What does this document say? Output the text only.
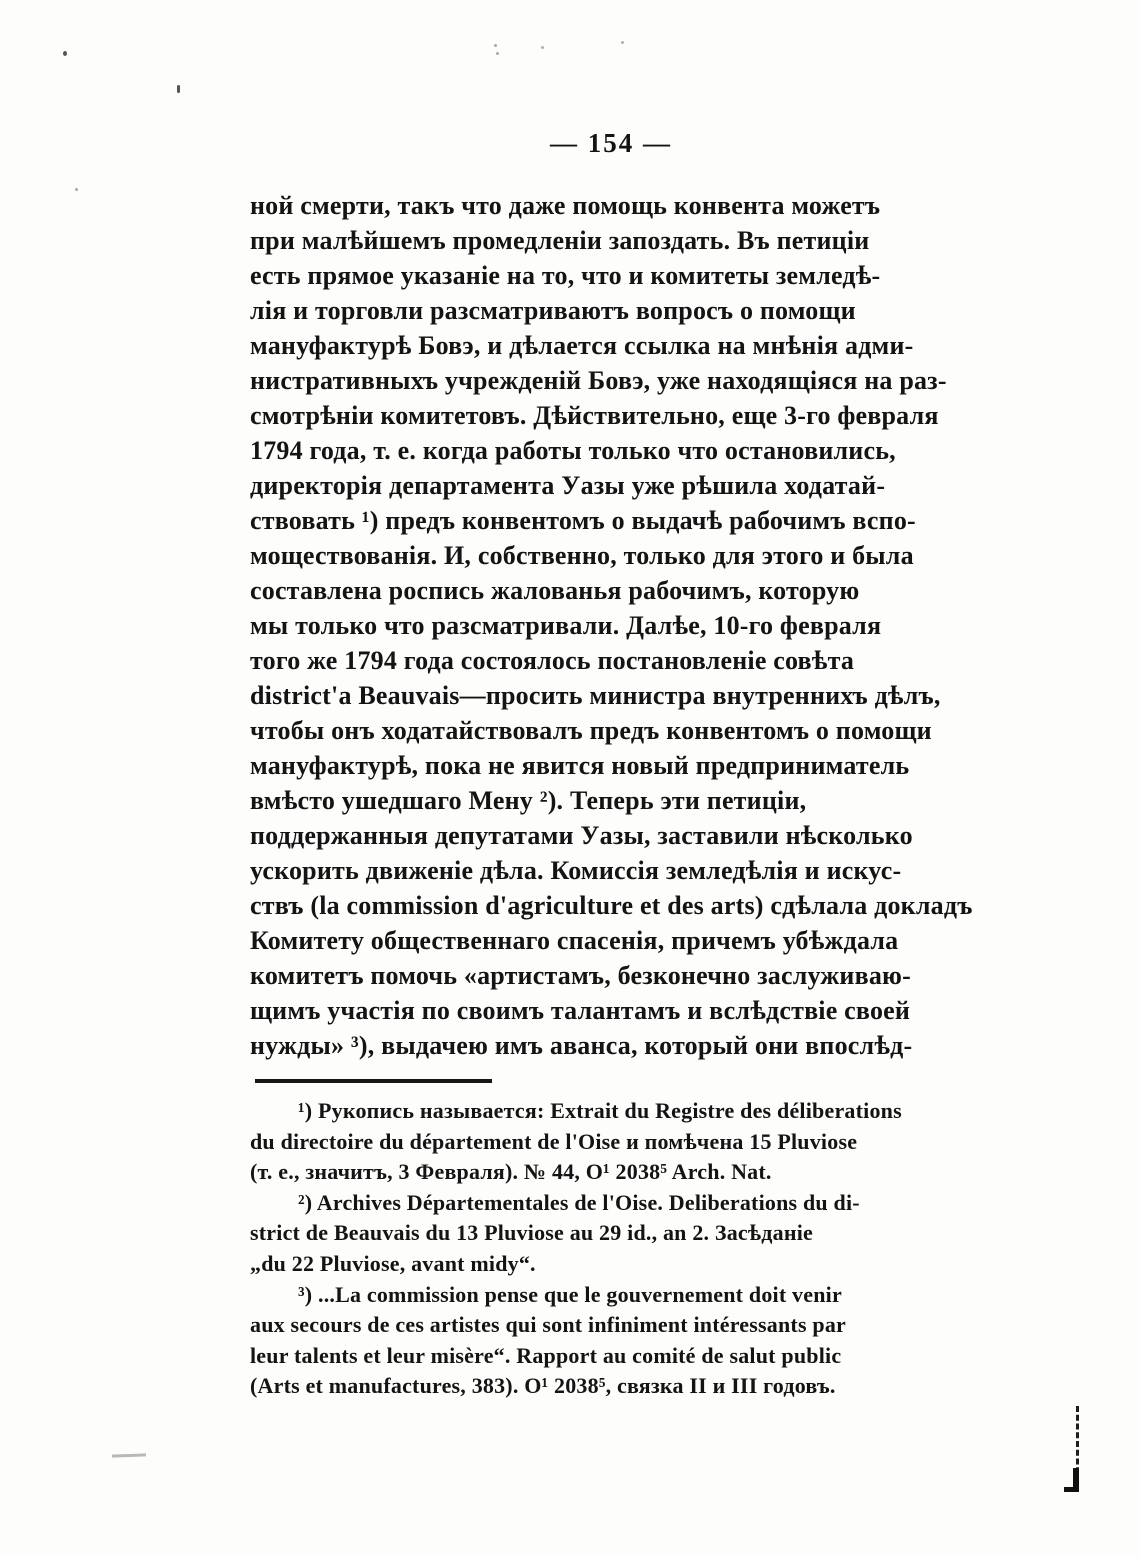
— 154 —
ной смерти, такъ что даже помощь конвента можетъ
при малѣйшемъ промедленіи запоздать. Въ петиціи
есть прямое указаніе на то, что и комитеты земледѣ-
лія и торговли разсматриваютъ вопросъ о помощи
мануфактурѣ Бовэ, и дѣлается ссылка на мнѣнія адми-
нистративныхъ учрежденій Бовэ, уже находящіяся на раз-
смотрѣніи комитетовъ. Дѣйствительно, еще 3-го февраля
1794 года, т. е. когда работы только что остановились,
директорія департамента Уазы уже рѣшила ходатай-
ствовать ¹) предъ конвентомъ о выдачѣ рабочимъ вспо-
моществованія. И, собственно, только для этого и была
составлена роспись жалованья рабочимъ, которую
мы только что разсматривали. Далѣе, 10-го февраля
того же 1794 года состоялось постановленіе совѣта
district'а Beauvais—просить министра внутреннихъ дѣлъ,
чтобы онъ ходатайствовалъ предъ конвентомъ о помощи
мануфактурѣ, пока не явится новый предприниматель
вмѣсто ушедшаго Мену ²). Теперь эти петиціи,
поддержанныя депутатами Уазы, заставили нѣсколько
ускорить движеніе дѣла. Комиссія земледѣлія и искус-
ствъ (la commission d'agriculture et des arts) сдѣлала докладъ
Комитету общественнаго спасенія, причемъ убѣждала
комитетъ помочь «артистамъ, безконечно заслуживаю-
щимъ участія по своимъ талантамъ и вслѣдствіе своей
нужды» ³), выдачею имъ аванса, который они впослѣд-
¹) Рукопись называется: Extrait du Registre des déliberations
du directoire du département de l'Oise и помѣчена 15 Pluviose
(т. е., значитъ, 3 Февраля). № 44, O¹ 2038⁵ Arch. Nat.
²) Archives Départementales de l'Oise. Deliberations du di-
strict de Beauvais du 13 Pluviose au 29 id., an 2. Засѣданіе
„du 22 Pluviose, avant midy“.
³) ...La commission pense que le gouvernement doit venir
aux secours de ces artistes qui sont infiniment intéressants par
leur talents et leur misère“. Rapport au comité de salut public
(Arts et manufactures, 383). O¹ 2038⁵, связка II и III годовъ.
